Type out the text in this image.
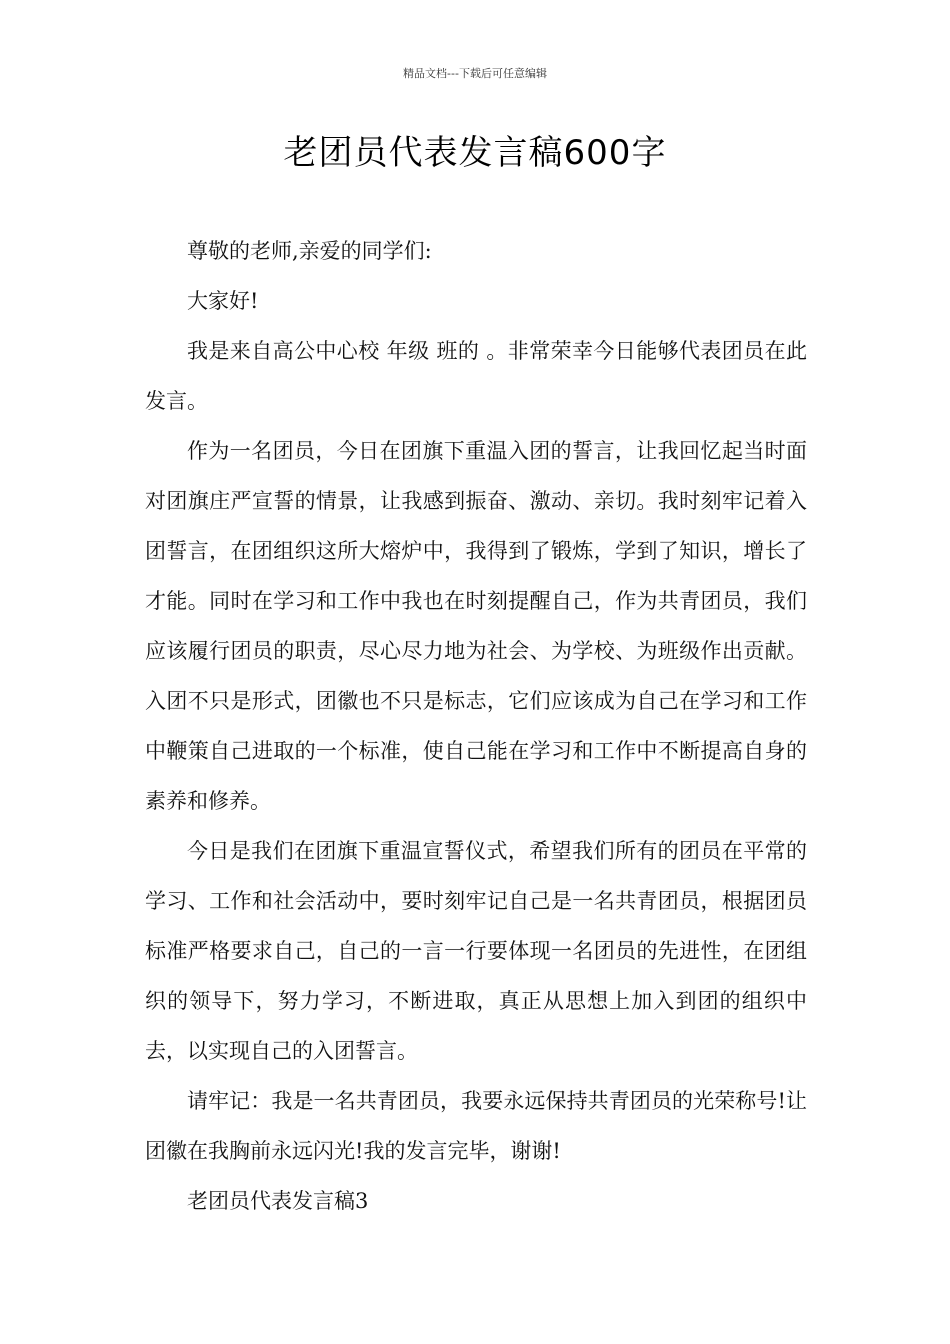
精品文档---下载后可任意编辑
老团员代表发言稿600字

尊敬的老师,亲爱的同学们:

大家好!

我是来自高公中心校 年级 班的 。非常荣幸今日能够代表团员在此发言。

作为一名团员，今日在团旗下重温入团的誓言，让我回忆起当时面对团旗庄严宣誓的情景，让我感到振奋、激动、亲切。我时刻牢记着入团誓言，在团组织这所大熔炉中，我得到了锻炼，学到了知识，增长了才能。同时在学习和工作中我也在时刻提醒自己，作为共青团员，我们应该履行团员的职责，尽心尽力地为社会、为学校、为班级作出贡献。入团不只是形式，团徽也不只是标志，它们应该成为自己在学习和工作中鞭策自己进取的一个标准，使自己能在学习和工作中不断提高自身的素养和修养。

今日是我们在团旗下重温宣誓仪式，希望我们所有的团员在平常的学习、工作和社会活动中，要时刻牢记自己是一名共青团员，根据团员标准严格要求自己，自己的一言一行要体现一名团员的先进性，在团组织的领导下，努力学习，不断进取，真正从思想上加入到团的组织中去，以实现自己的入团誓言。

请牢记：我是一名共青团员，我要永远保持共青团员的光荣称号!让团徽在我胸前永远闪光!我的发言完毕，谢谢!

老团员代表发言稿3
